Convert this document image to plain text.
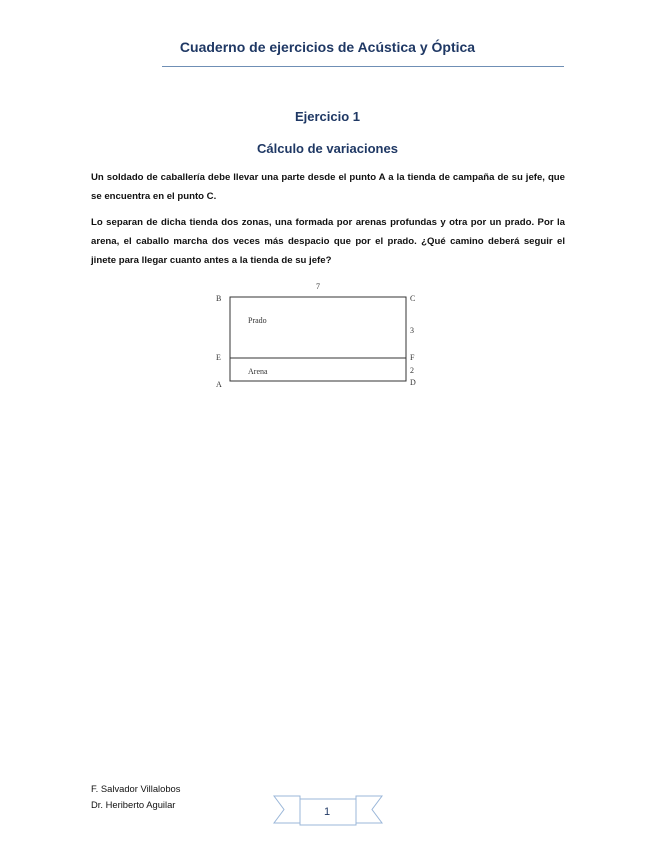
Cuaderno de ejercicios de Acústica y Óptica
Ejercicio 1
Cálculo de variaciones

Un soldado de caballería debe llevar una parte desde el punto A a la tienda de campaña de su jefe, que se encuentra en el punto C.

Lo separan de dicha tienda dos zonas, una formada por arenas profundas y otra por un prado. Por la arena, el caballo marcha dos veces más despacio que por el prado. ¿Qué camino deberá seguir el jinete para llegar cuanto antes a la tienda de su jefe?

7
B	C
E	F
A	D
Prado
Arena
3
2
F. Salvador Villalobos
Dr. Heriberto Aguilar
1
